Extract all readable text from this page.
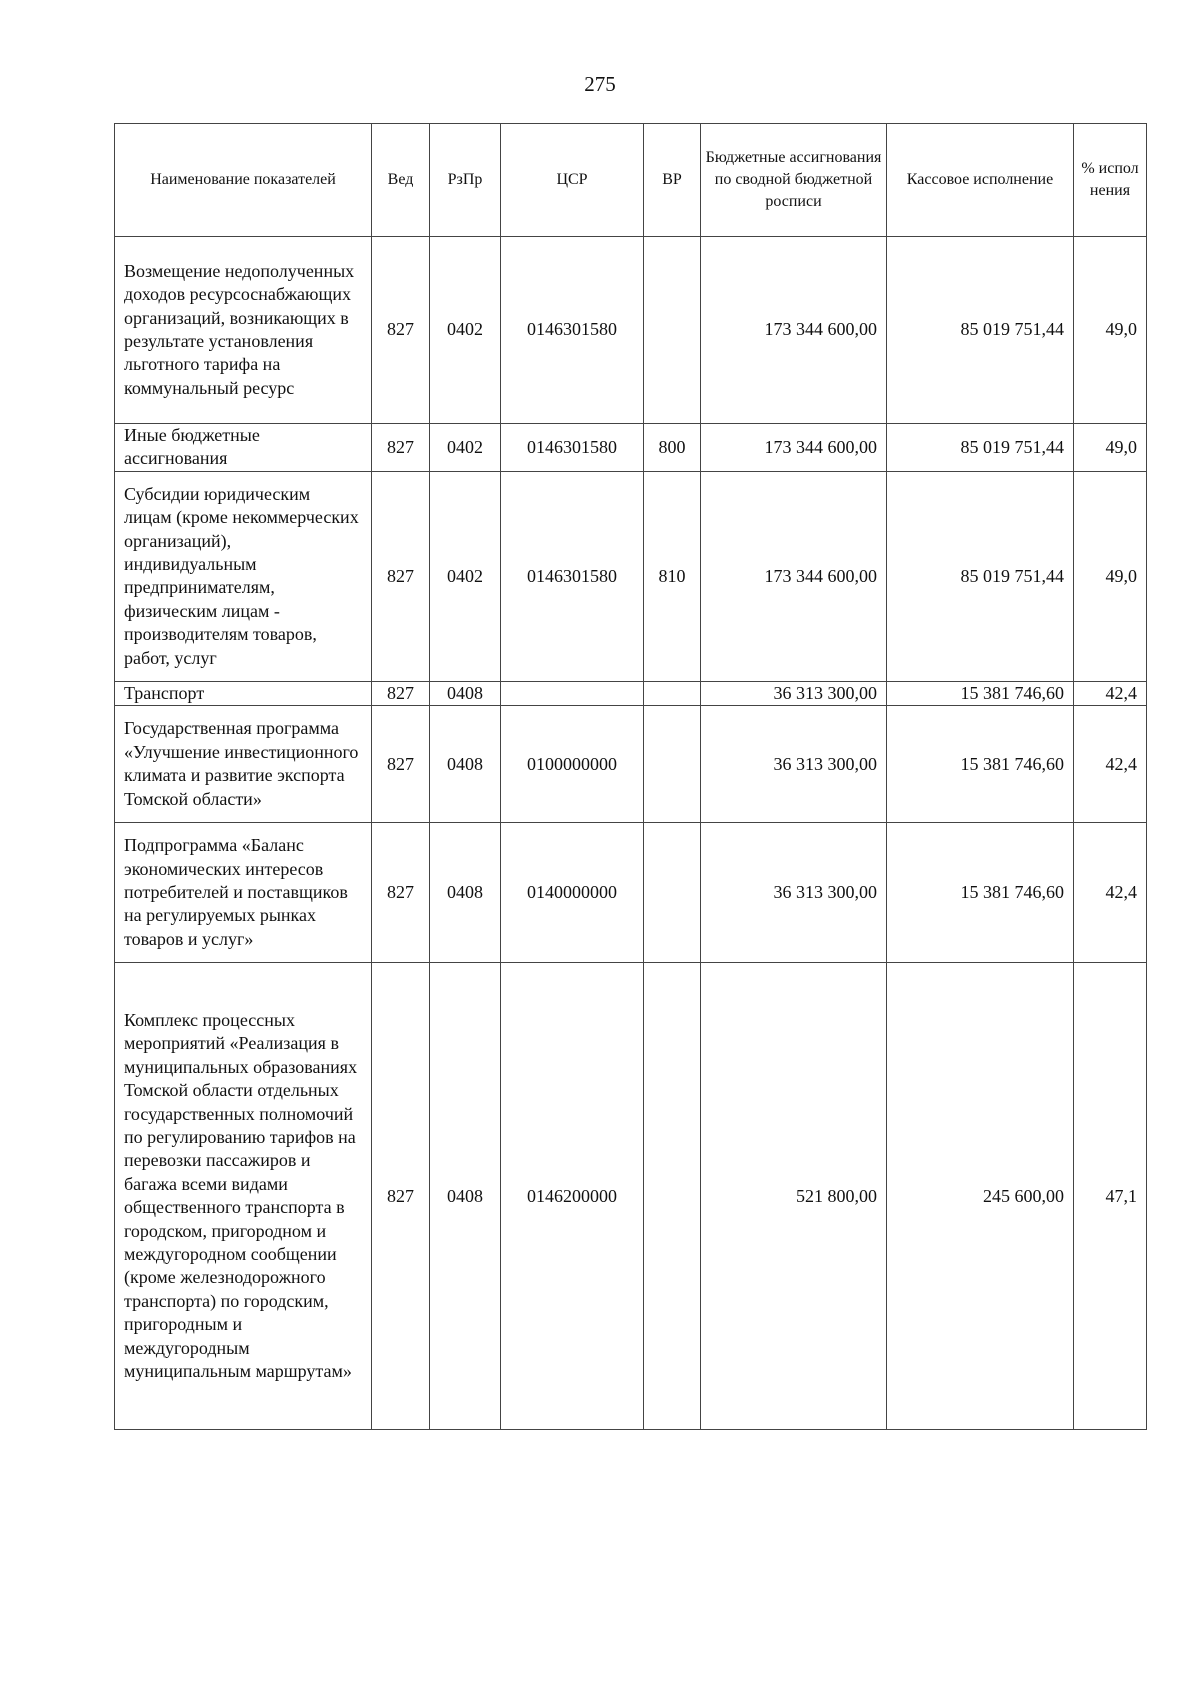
275
Наименование показателей	Вед	РзПр	ЦСР	ВР	Бюджетные ассигнования по сводной бюджетной росписи	Кассовое исполнение	% испол нения
Возмещение недополученных доходов ресурсоснабжающих организаций, возникающих в результате установления льготного тарифа на коммунальный ресурс	827	0402	0146301580		173 344 600,00	85 019 751,44	49,0
Иные бюджетные ассигнования	827	0402	0146301580	800	173 344 600,00	85 019 751,44	49,0
Субсидии юридическим лицам (кроме некоммерческих организаций), индивидуальным предпринимателям, физическим лицам - производителям товаров, работ, услуг	827	0402	0146301580	810	173 344 600,00	85 019 751,44	49,0
Транспорт	827	0408			36 313 300,00	15 381 746,60	42,4
Государственная программа «Улучшение инвестиционного климата и развитие экспорта Томской области»	827	0408	0100000000		36 313 300,00	15 381 746,60	42,4
Подпрограмма «Баланс экономических интересов потребителей и поставщиков на регулируемых рынках товаров и услуг»	827	0408	0140000000		36 313 300,00	15 381 746,60	42,4
Комплекс процессных мероприятий «Реализация в муниципальных образованиях Томской области отдельных государственных полномочий по регулированию тарифов на перевозки пассажиров и багажа всеми видами общественного транспорта в городском, пригородном и междугородном сообщении (кроме железнодорожного транспорта) по городским, пригородным и междугородным муниципальным маршрутам»	827	0408	0146200000		521 800,00	245 600,00	47,1
